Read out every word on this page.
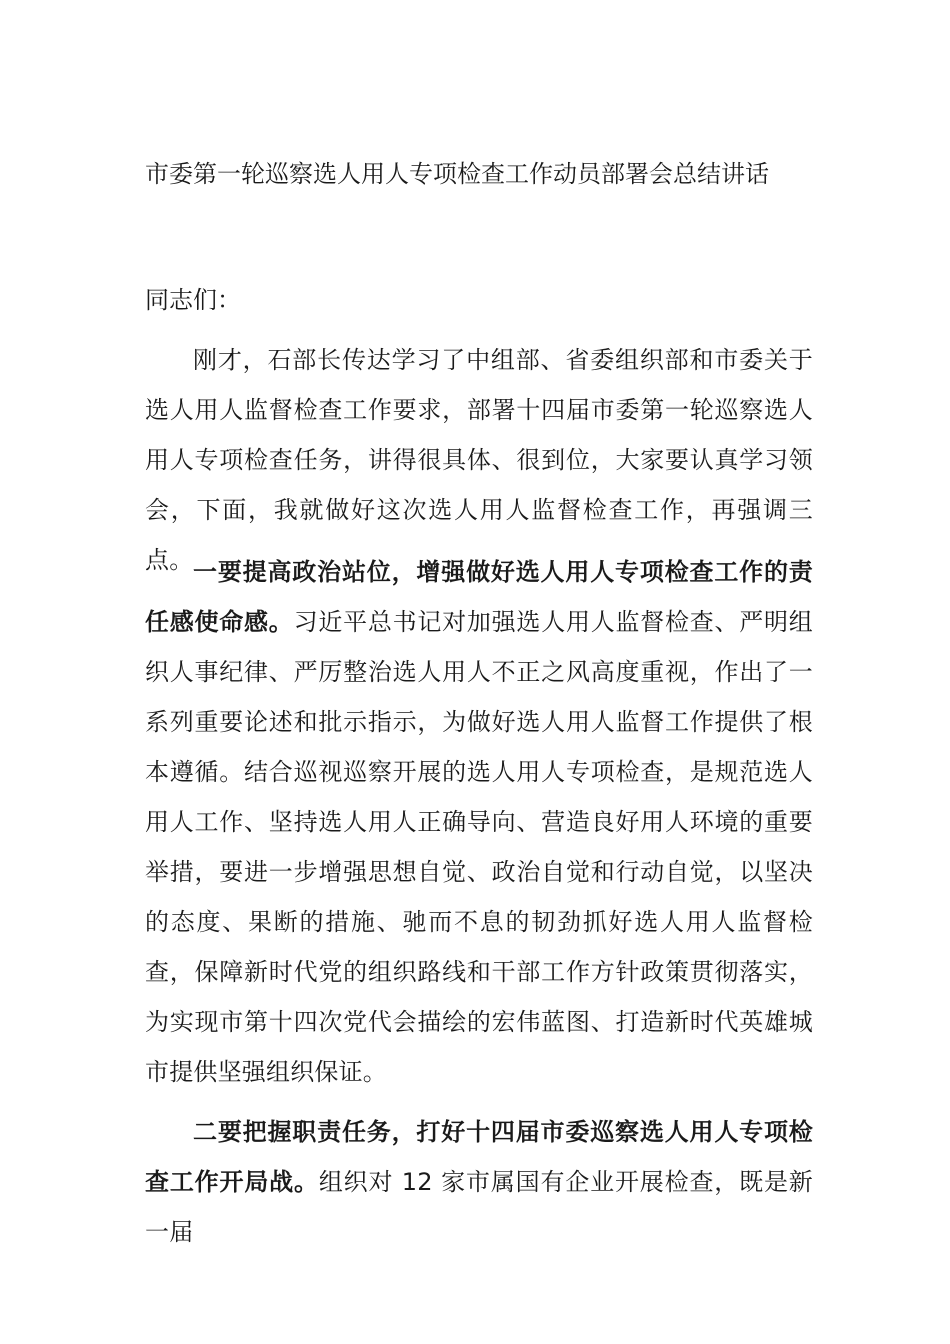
市委第一轮巡察选人用人专项检查工作动员部署会总结讲话

同志们：

刚才，石部长传达学习了中组部、省委组织部和市委关于选人用人监督检查工作要求，部署十四届市委第一轮巡察选人用人专项检查任务，讲得很具体、很到位，大家要认真学习领会，下面，我就做好这次选人用人监督检查工作，再强调三点。 一要提高政治站位，增强做好选人用人专项检查工作的责任感使命感。习近平总书记对加强选人用人监督检查、严明组织人事纪律、严厉整治选人用人不正之风高度重视，作出了一系列重要论述和批示指示，为做好选人用人监督工作提供了根本遵循。结合巡视巡察开展的选人用人专项检查，是规范选人用人工作、坚持选人用人正确导向、营造良好用人环境的重要举措，要进一步增强思想自觉、政治自觉和行动自觉，以坚决的态度、果断的措施、驰而不息的韧劲抓好选人用人监督检查，保障新时代党的组织路线和干部工作方针政策贯彻落实，为实现市第十四次党代会描绘的宏伟蓝图、打造新时代英雄城市提供坚强组织保证。

二要把握职责任务，打好十四届市委巡察选人用人专项检查工作开局战。组织对 12 家市属国有企业开展检查，既是新一届
